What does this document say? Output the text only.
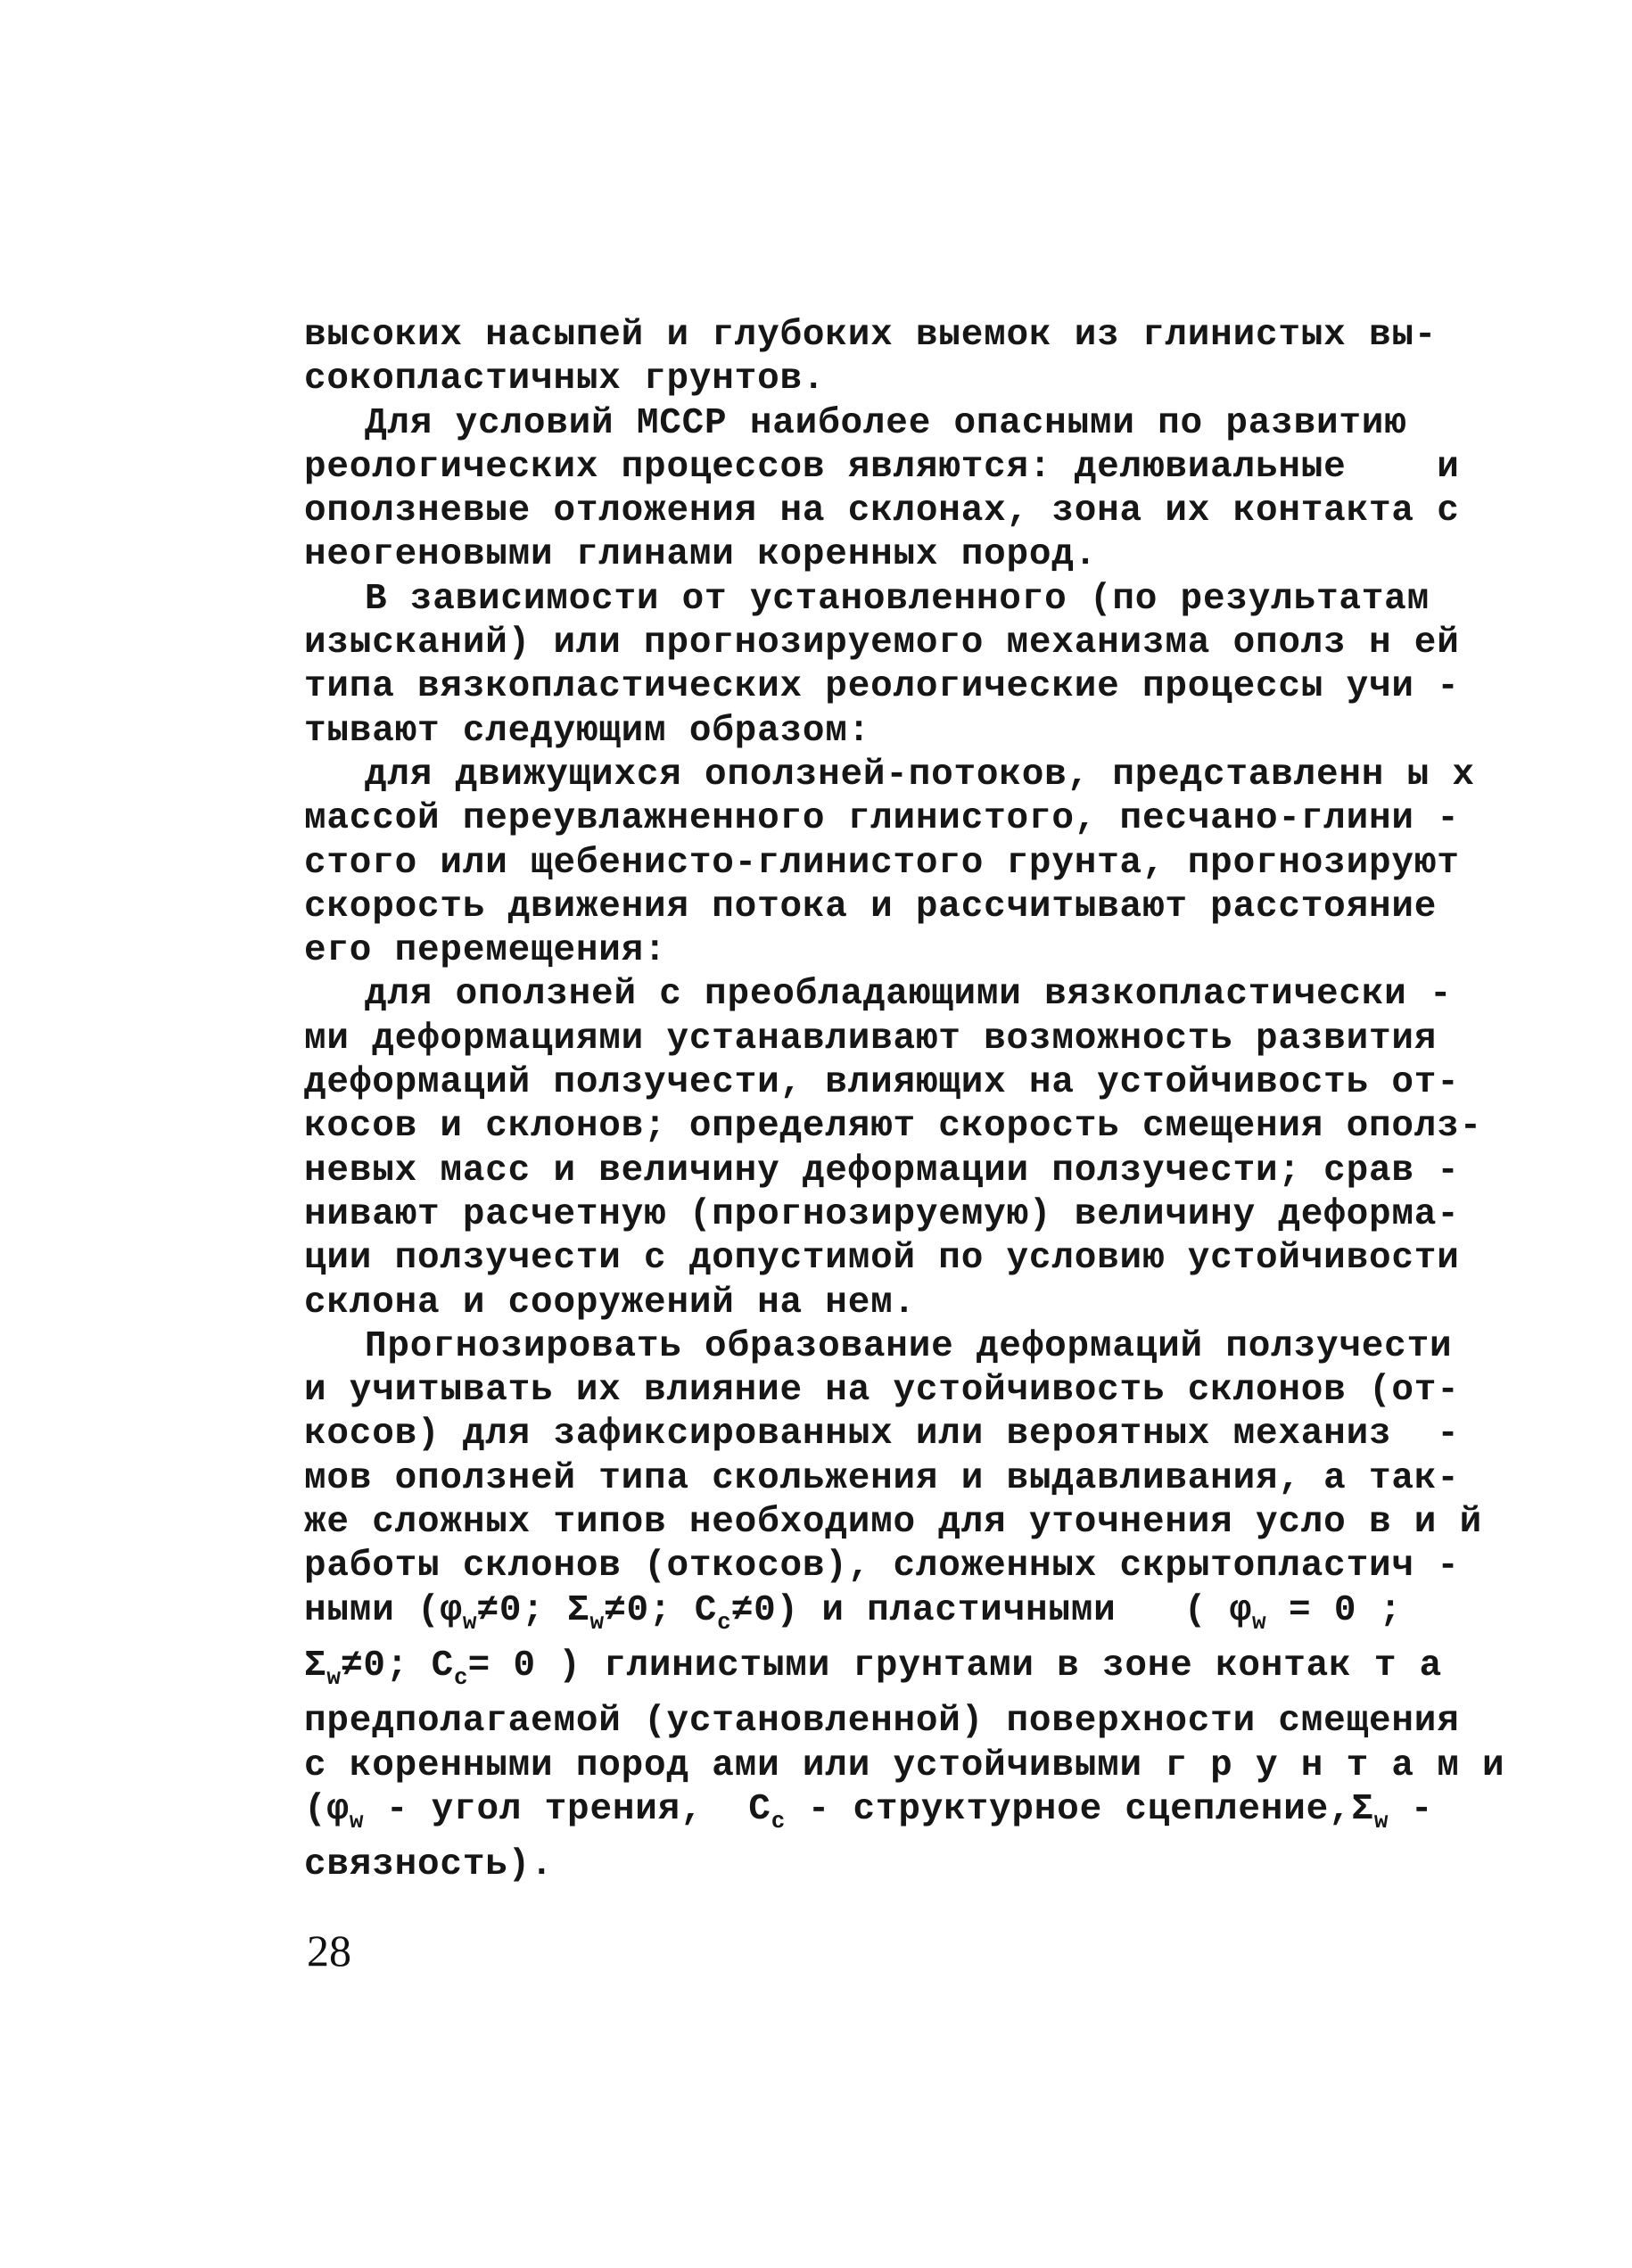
высоких насыпей и глубоких выемок из глинистых вы-
сокопластичных грунтов.
Для условий МССР наиболее опасными по развитию
реологических процессов являются: делювиальные    и
оползневые отложения на склонах, зона их контакта с
неогеновыми глинами коренных пород.
В зависимости от установленного (по результатам
изысканий) или прогнозируемого механизма ополз н ей
типа вязкопластических реологические процессы учи -
тывают следующим образом:
для движущихся оползней-потоков, представленн ы х
массой переувлажненного глинистого, песчано-глини -
стого или щебенисто-глинистого грунта, прогнозируют
скорость движения потока и рассчитывают расстояние
его перемещения:
для оползней с преобладающими вязкопластически -
ми деформациями устанавливают возможность развития
деформаций ползучести, влияющих на устойчивость от-
косов и склонов; определяют скорость смещения ополз-
невых масс и величину деформации ползучести; срав -
нивают расчетную (прогнозируемую) величину деформа-
ции ползучести с допустимой по условию устойчивости
склона и сооружений на нем.
Прогнозировать образование деформаций ползучести
и учитывать их влияние на устойчивость склонов (от-
косов) для зафиксированных или вероятных механиз  -
мов оползней типа скольжения и выдавливания, а так-
же сложных типов необходимо для уточнения усло в и й
работы склонов (откосов), сложенных скрытопластич -
ными ($\varphi_w\ne 0$; $\Sigma_w\ne 0$; $C_c\ne 0$) и пластичными   ( $\varphi_w = 0$ ;
$\Sigma_w\ne 0$; $C_c= 0$ ) глинистыми грунтами в зоне контак т а
предполагаемой (установленной) поверхности смещения
с коренными пород ами или устойчивыми г р у н т а м и
($\varphi_w$ - угол трения,  $C_c$ - структурное $сцепление,\Sigma_w$ -
связность).
28
